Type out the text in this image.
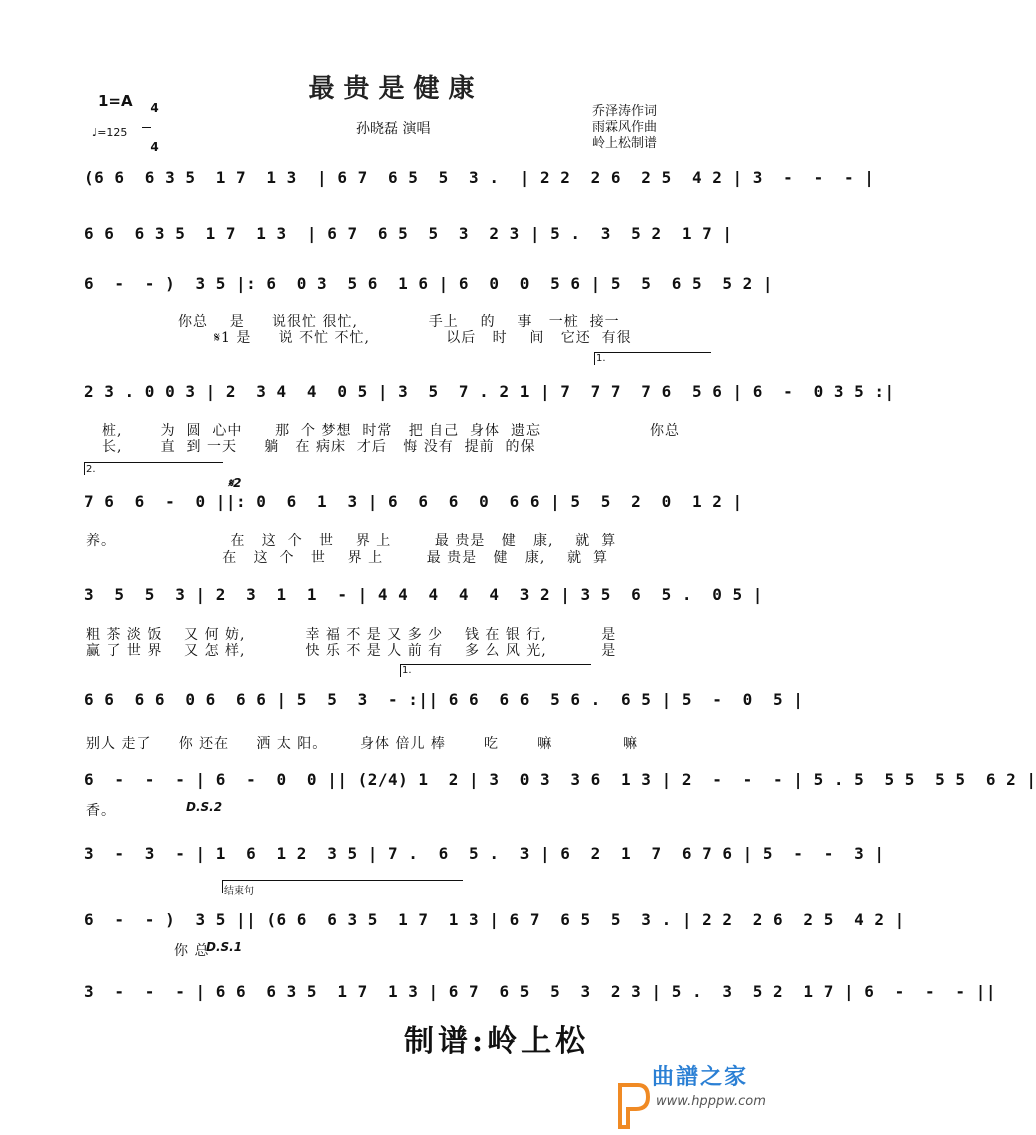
最贵是健康
孙晓磊 演唱
1=A	4

4

♩=125
乔泽涛作词
雨霖风作曲
岭上松制谱
(6 6  6 3 5  1 7  1 3  | 6 7  6 5  5  3 .  | 2 2  2 6  2 5  4 2 | 3  -  -  - |
6 6  6 3 5  1 7  1 3  | 6 7  6 5  5  3  2 3 | 5 .  3  5 2  1 7 |
6  -  - )  3 5 |: 6  0 3  5 6  1 6 | 6  0  0  5 6 | 5  5  6 5  5 2 |
你总    是     说很忙 很忙,             手上    的    事   一桩  接一
𝄋1 是     说 不忙 不忙,              以后   时    间   它还  有很
1.
2 3 . 0 0 3 | 2  3 4  4  0 5 | 3  5  7 . 2 1 | 7  7 7  7 6  5 6 | 6  -  0 3 5 :|
桩,       为  圆  心中      那  个 梦想  时常   把 自己  身体  遗忘                    你总
长,       直  到 一天     躺   在 病床  才后   悔 没有  提前  的保
2.
𝄋2
7 6  6  -  0 ||: 0  6  1  3 | 6  6  6  0  6 6 | 5  5  2  0  1 2 |
养。                     在   这  个   世    界 上        最 贵是   健   康,    就  算
在   这  个   世    界 上        最 贵是   健   康,    就  算
3  5  5  3 | 2  3  1  1  - | 4 4  4  4  4  3 2 | 3 5  6  5 .  0 5 |
粗 茶 淡 饭    又 何 妨,           幸 福 不 是 又 多 少    钱 在 银 行,          是
赢 了 世 界    又 怎 样,           快 乐 不 是 人 前 有    多 么 风 光,          是
1.
6 6  6 6  0 6  6 6 | 5  5  3  - :|| 6 6  6 6  5 6 .  6 5 | 5  -  0  5 |
别人 走了     你 还在     洒 太 阳。      身体 倍儿 棒       吃       嘛             嘛
6  -  -  - | 6  -  0  0 || (2/4) 1  2 | 3  0 3  3 6  1 3 | 2  -  -  - | 5 . 5  5 5  5 5  6 2 |
香。	D.S.2
3  -  3  - | 1  6  1 2  3 5 | 7 .  6  5 .  3 | 6  2  1  7  6 7 6 | 5  -  -  3 |
结束句
6  -  - )  3 5 || (6 6  6 3 5  1 7  1 3 | 6 7  6 5  5  3 . | 2 2  2 6  2 5  4 2 |
你 总
D.S.1
3  -  -  - | 6 6  6 3 5  1 7  1 3 | 6 7  6 5  5  3  2 3 | 5 .  3  5 2  1 7 | 6  -  -  - ||
制谱:岭上松

曲譜之家
www.hpppw.com
